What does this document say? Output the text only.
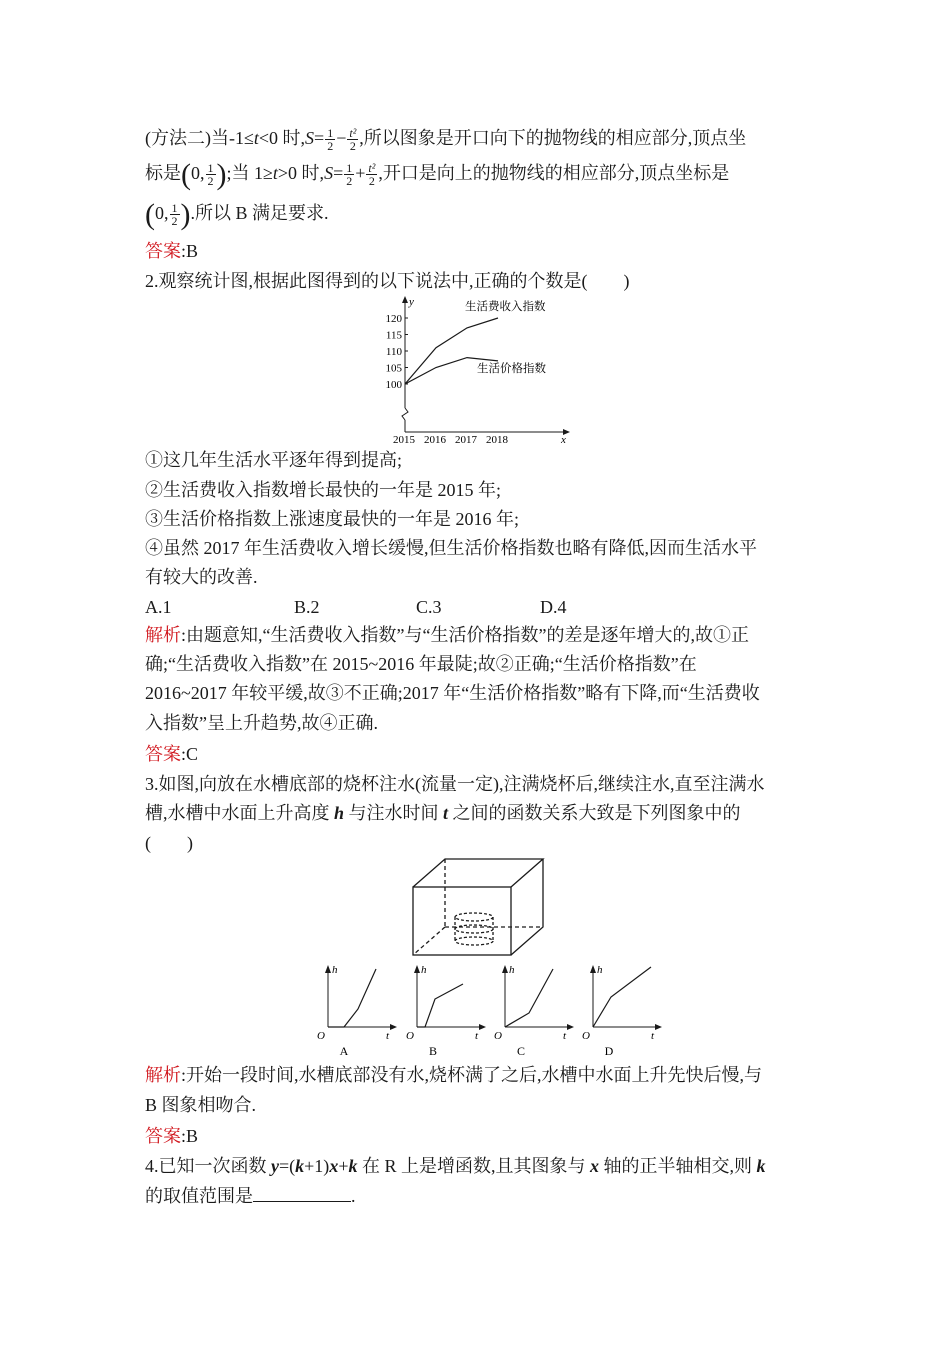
(方法二)当-1≤t<0 时$,S= \frac{1}{2} - \frac{\text{t²}}{2}$ ,所以图象是开口向下的抛物线的相应部分,顶点坐
标是(0, $\frac{1}{2}$ );当 1≥t>0 时$,S= \frac{1}{2} + \frac{\text{t²}}{2}$ ,开口是向上的抛物线的相应部分,顶点坐标是
(0, $\frac{1}{2}$ ).所以 B 满足要求.
答案:B
2.观察统计图,根据此图得到的以下说法中,正确的个数是(　　)
100
105
110
115
120
2015 2016 2017 2018
y
x
生活费收入指数
生活价格指数
①这几年生活水平逐年得到提高;
②生活费收入指数增长最快的一年是 2015 年;
③生活价格指数上涨速度最快的一年是 2016 年;
④虽然 2017 年生活费收入增长缓慢,但生活价格指数也略有降低,因而生活水平
有较大的改善.
A.1	B.2	C.3	D.4
解析:由题意知,“生活费收入指数”与“生活价格指数”的差是逐年增大的,故①正
确;“生活费收入指数”在 2015~2016 年最陡;故②正确;“生活价格指数”在
2016~2017 年较平缓,故③不正确;2017 年“生活价格指数”略有下降,而“生活费收
入指数”呈上升趋势,故④正确.
答案:C
3.如图,向放在水槽底部的烧杯注水(流量一定),注满烧杯后,继续注水,直至注满水
槽,水槽中水面上升高度 h 与注水时间 t 之间的函数关系大致是下列图象中的
(　　)
h
t
O
A
h
t
O
B
h
t
O
C
h
t
O
D
解析:开始一段时间,水槽底部没有水,烧杯满了之后,水槽中水面上升先快后慢,与
B 图象相吻合.
答案:B
4.已知一次函数 y=(k+1)x+k 在 R 上是增函数,且其图象与 x 轴的正半轴相交,则 k
的取值范围是	.
